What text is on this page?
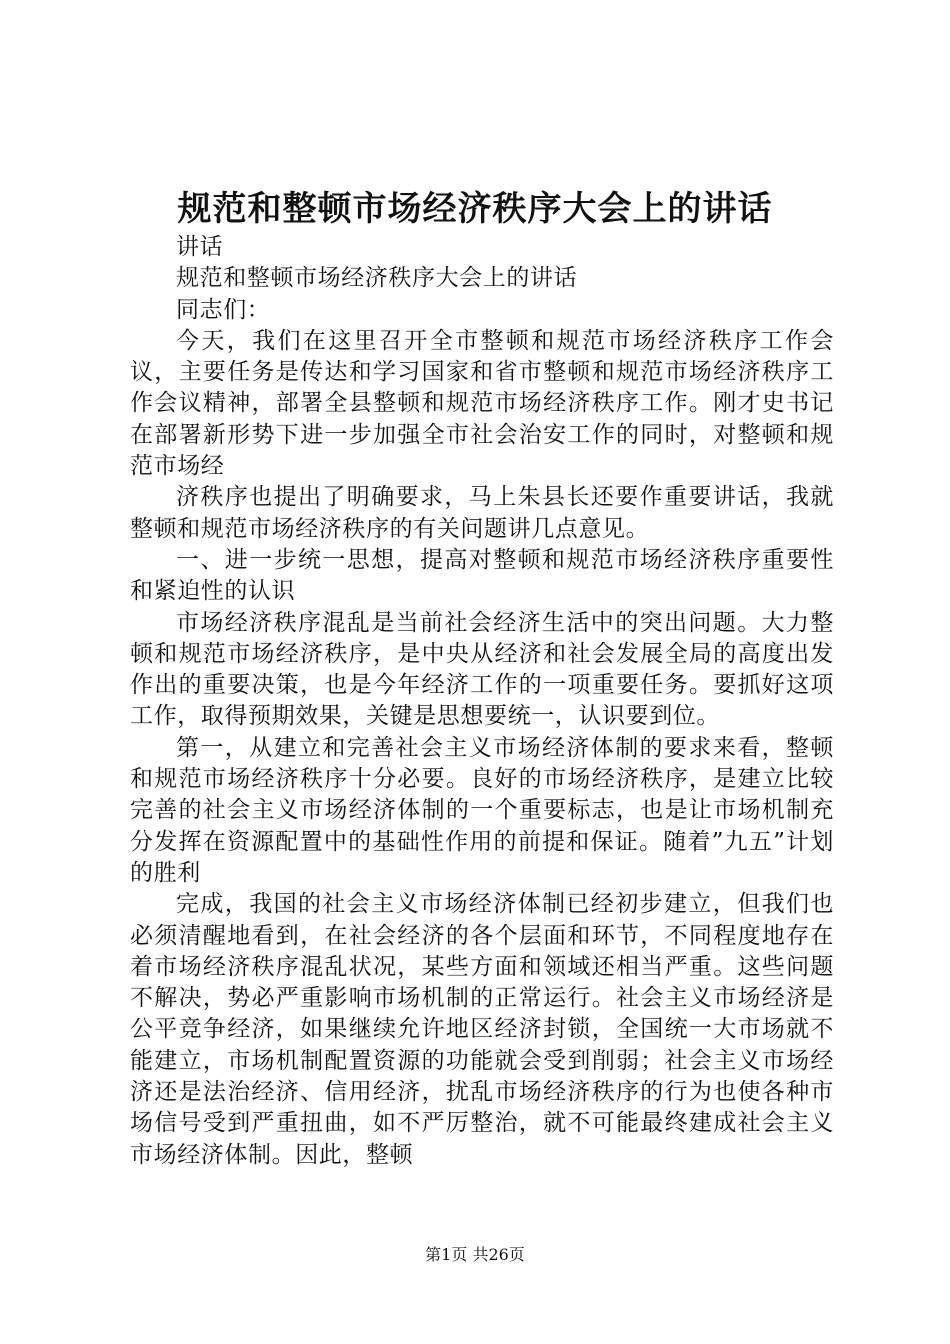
规范和整顿市场经济秩序大会上的讲话

讲话

规范和整顿市场经济秩序大会上的讲话

同志们：

今天，我们在这里召开全市整顿和规范市场经济秩序工作会议，主要任务是传达和学习国家和省市整顿和规范市场经济秩序工作会议精神，部署全县整顿和规范市场经济秩序工作。刚才史书记在部署新形势下进一步加强全市社会治安工作的同时，对整顿和规范市场经

济秩序也提出了明确要求，马上朱县长还要作重要讲话，我就整顿和规范市场经济秩序的有关问题讲几点意见。

一、进一步统一思想，提高对整顿和规范市场经济秩序重要性和紧迫性的认识

市场经济秩序混乱是当前社会经济生活中的突出问题。大力整顿和规范市场经济秩序，是中央从经济和社会发展全局的高度出发作出的重要决策，也是今年经济工作的一项重要任务。要抓好这项工作，取得预期效果，关键是思想要统一，认识要到位。

第一，从建立和完善社会主义市场经济体制的要求来看，整顿和规范市场经济秩序十分必要。良好的市场经济秩序，是建立比较完善的社会主义市场经济体制的一个重要标志，也是让市场机制充分发挥在资源配置中的基础性作用的前提和保证。随着”九五”计划的胜利

完成，我国的社会主义市场经济体制已经初步建立，但我们也必须清醒地看到，在社会经济的各个层面和环节，不同程度地存在着市场经济秩序混乱状况，某些方面和领域还相当严重。这些问题不解决，势必严重影响市场机制的正常运行。社会主义市场经济是公平竞争经济，如果继续允许地区经济封锁，全国统一大市场就不能建立，市场机制配置资源的功能就会受到削弱；社会主义市场经济还是法治经济、信用经济，扰乱市场经济秩序的行为也使各种市场信号受到严重扭曲，如不严厉整治，就不可能最终建成社会主义市场经济体制。因此，整顿

第1页 共26页
